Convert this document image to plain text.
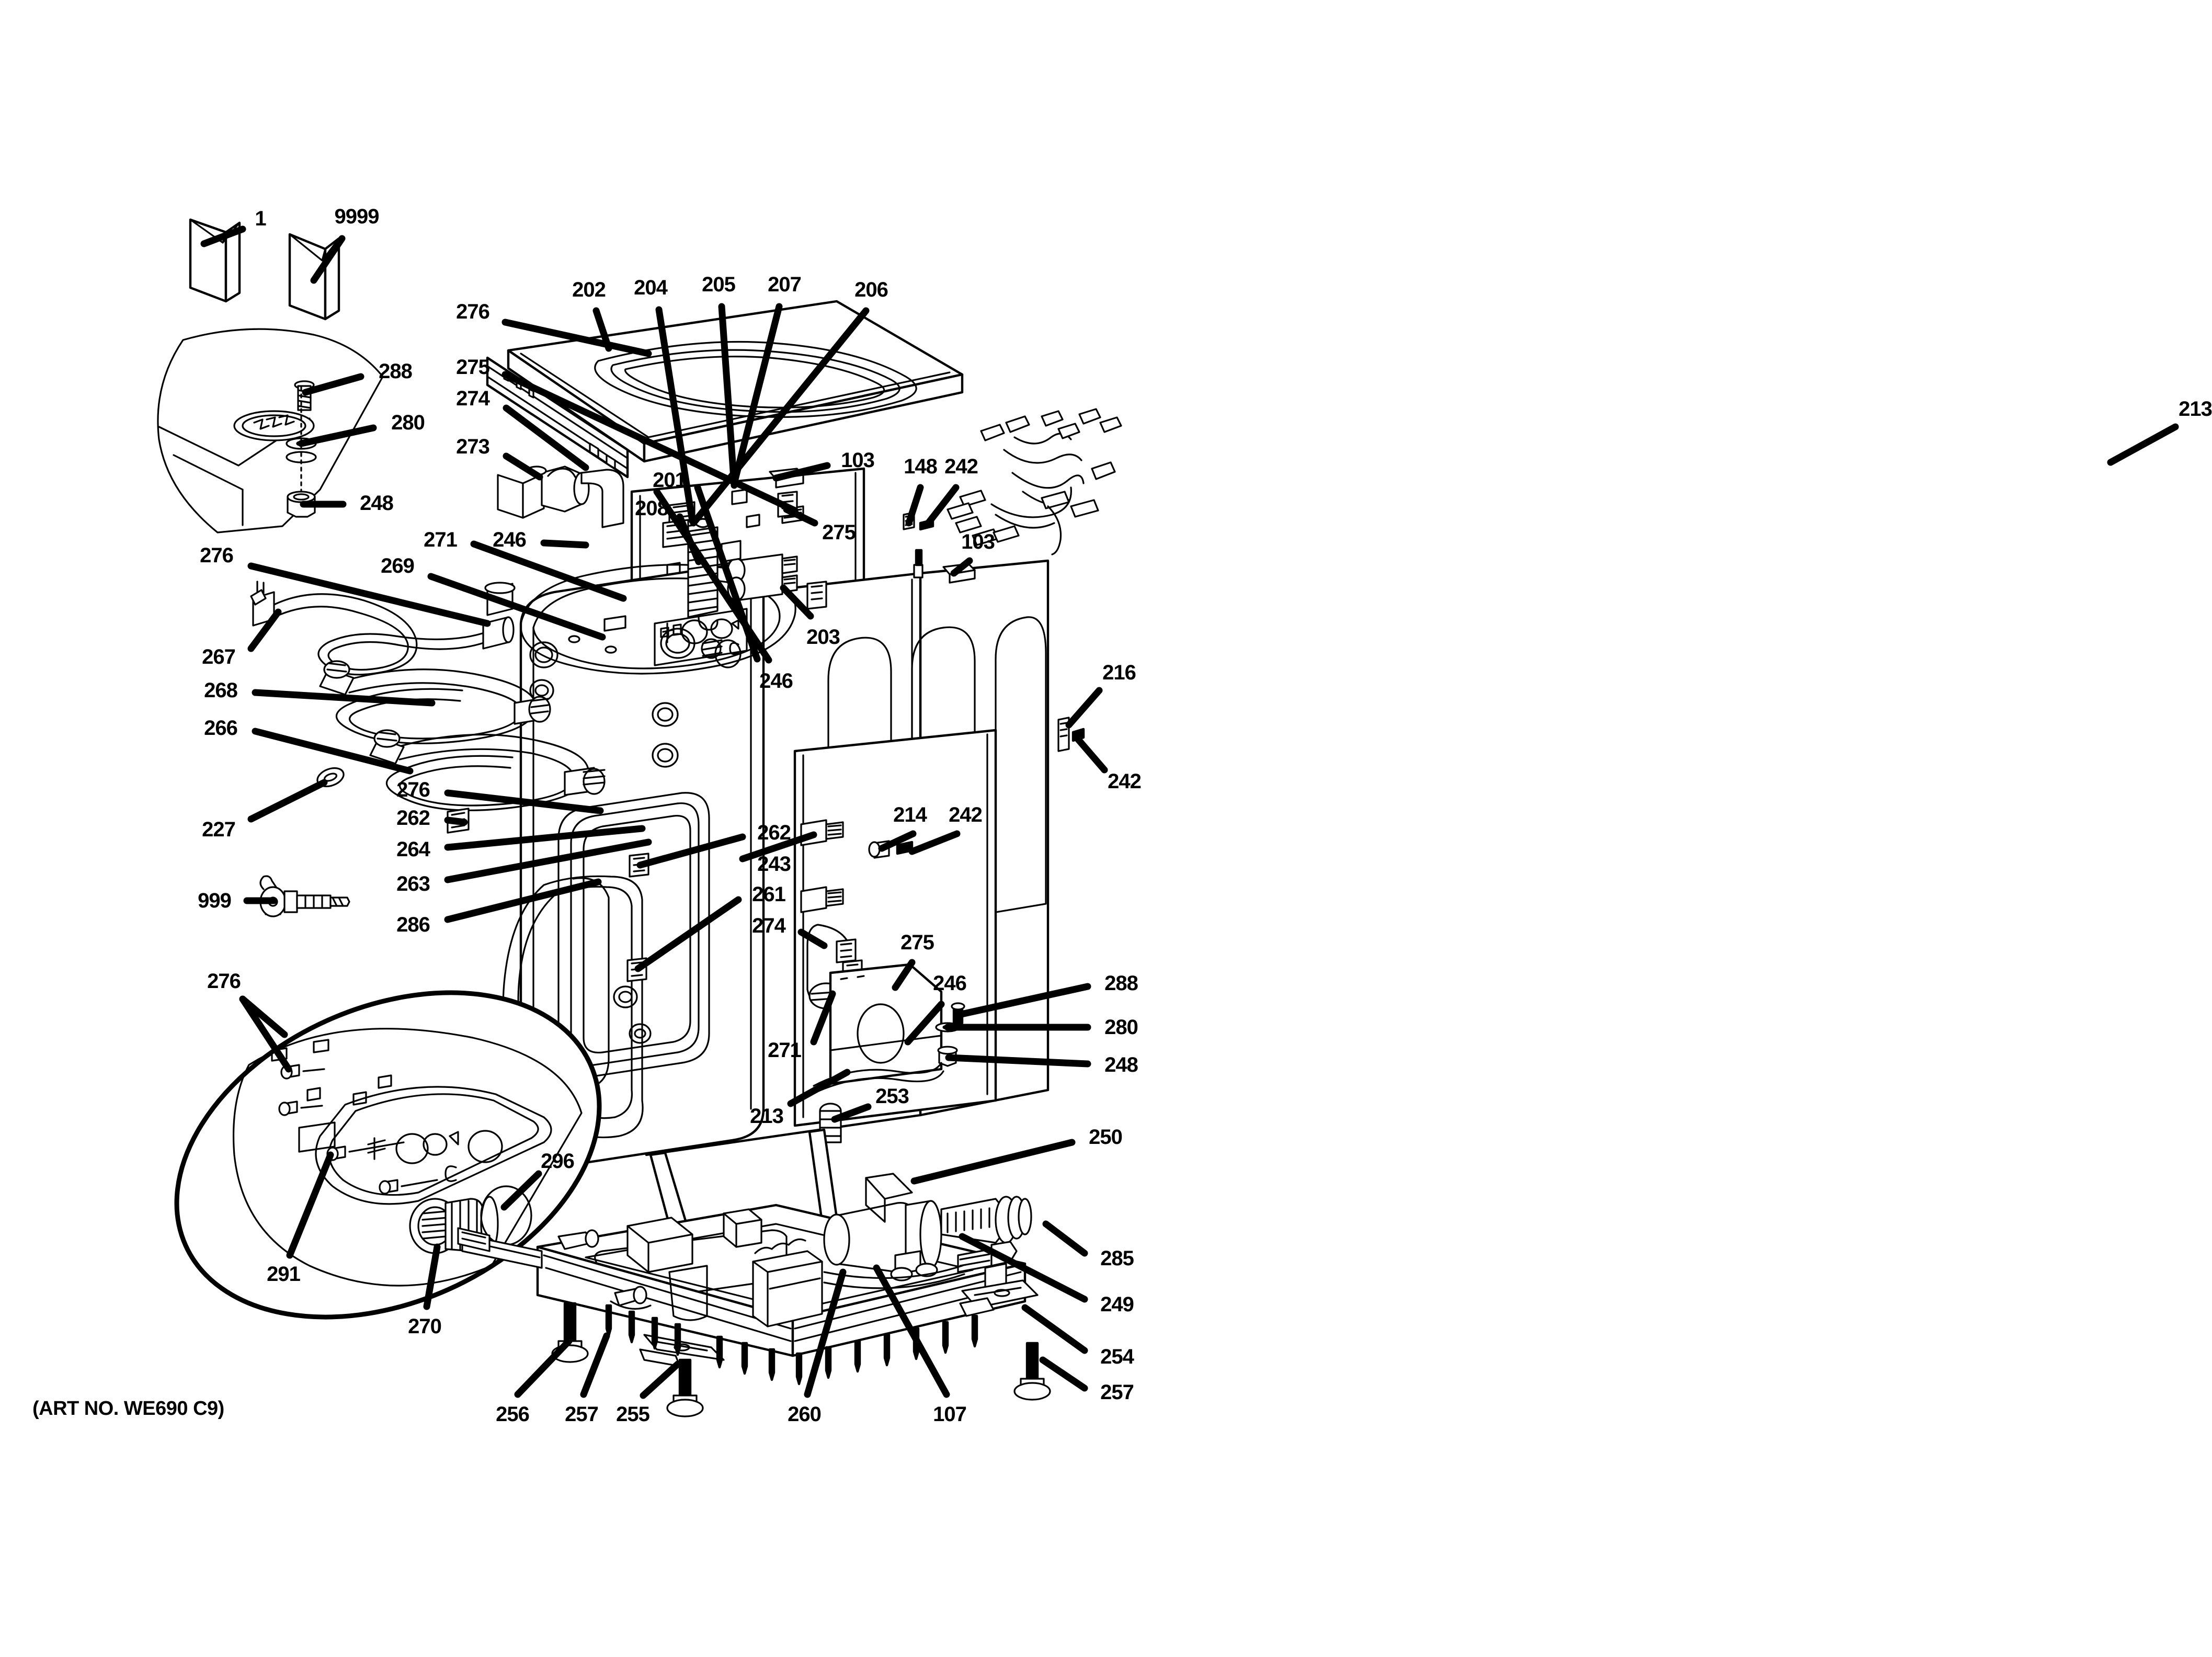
1	9999
288
280
248
276
275
274
273
271 246
202 204 205 207	206
201
208
103 148 242
213
275	103
203
246
276	269
267
268
266
227
999
276
262
264
263
286
262
243
261
274
271
275
246
213
253
214 242
216
242
288
280
248
276
291
270
296
250
285
249
254
257
256 257 255	260	107
(ART NO. WE690 C9)
